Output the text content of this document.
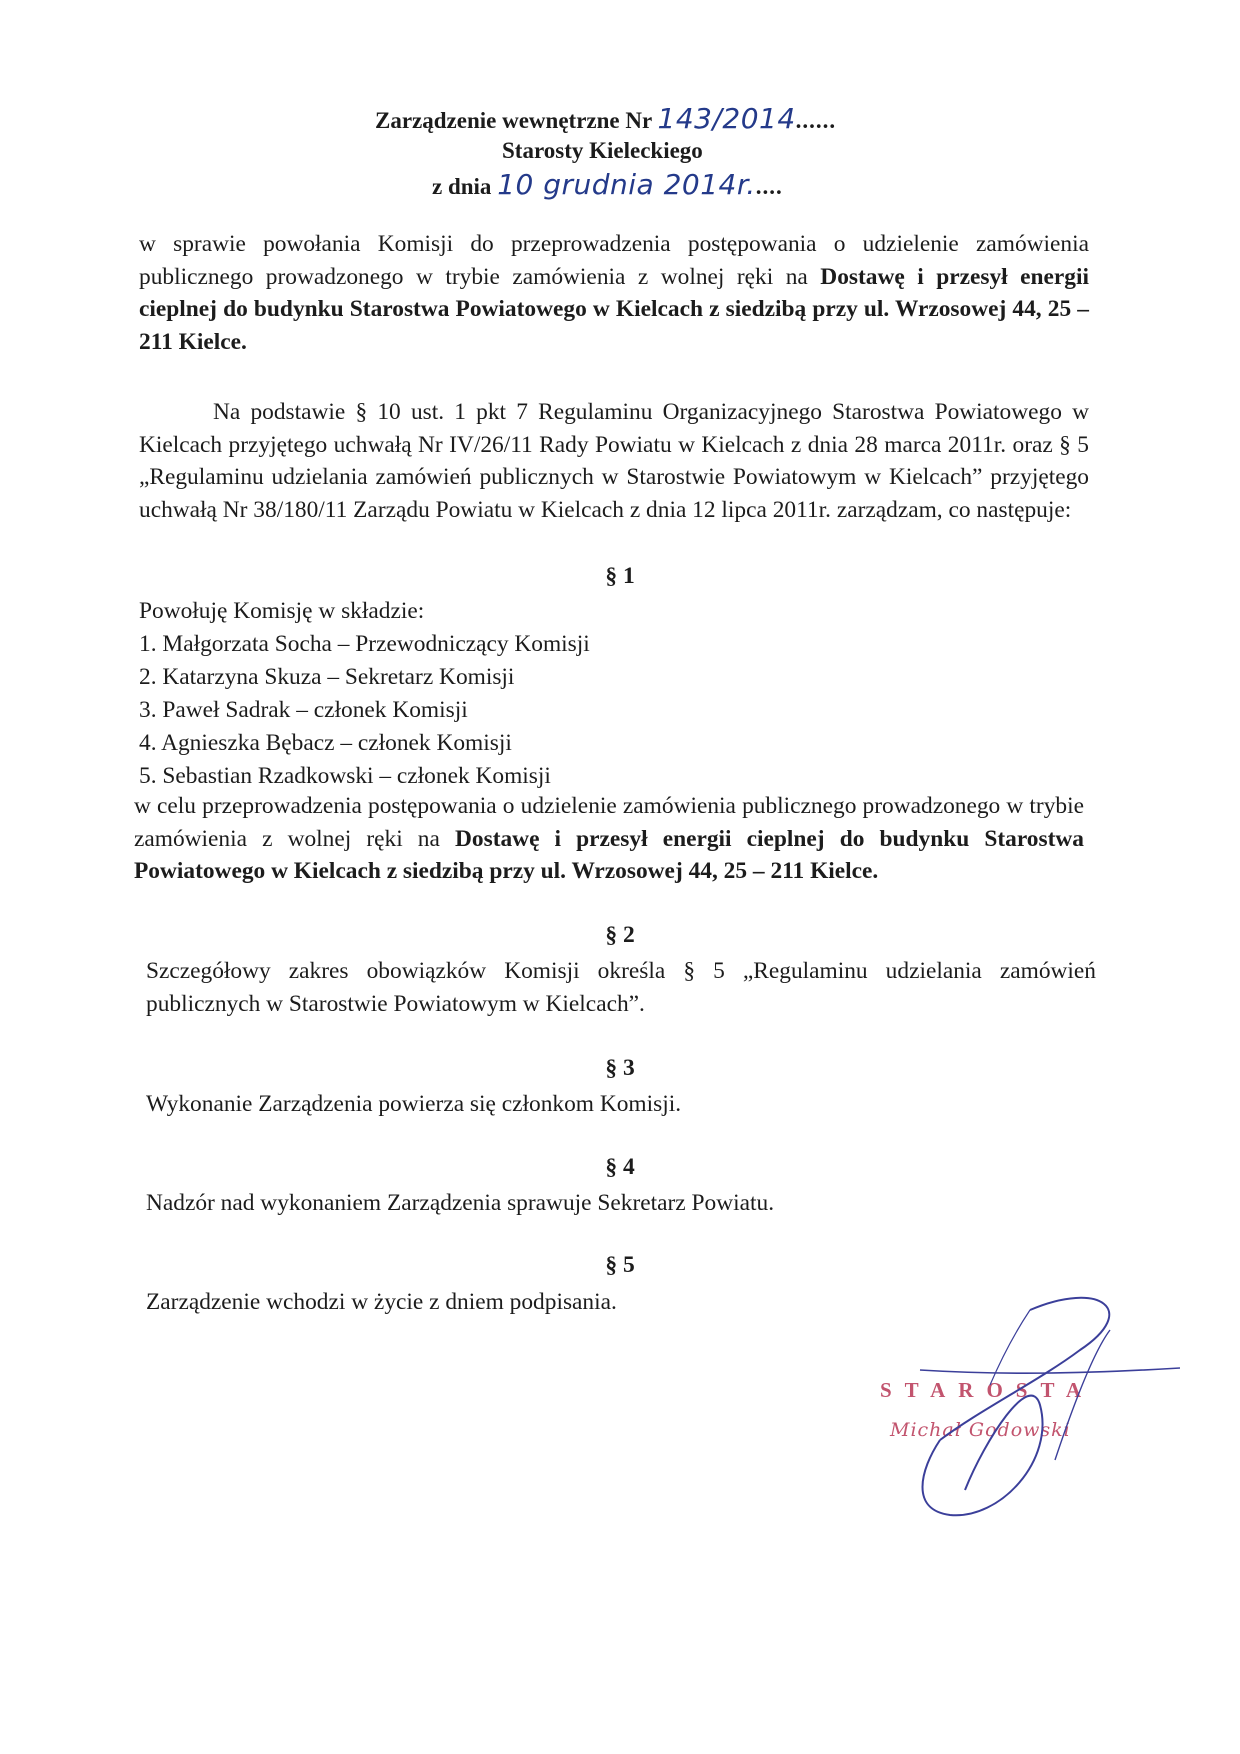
Zarządzenie wewnętrzne Nr 143/2014......
Starosty Kieleckiego
z dnia 10 grudnia 2014r.....
w sprawie powołania Komisji do przeprowadzenia postępowania o udzielenie zamówienia publicznego prowadzonego w trybie zamówienia z wolnej ręki na Dostawę i przesył energii cieplnej do budynku Starostwa Powiatowego w Kielcach z siedzibą przy ul. Wrzosowej 44, 25 – 211 Kielce.
Na podstawie § 10 ust. 1 pkt 7 Regulaminu Organizacyjnego Starostwa Powiatowego w Kielcach przyjętego uchwałą Nr IV/26/11 Rady Powiatu w Kielcach z dnia 28 marca 2011r. oraz § 5 „Regulaminu udzielania zamówień publicznych w Starostwie Powiatowym w Kielcach” przyjętego uchwałą Nr 38/180/11 Zarządu Powiatu w Kielcach z dnia 12 lipca 2011r. zarządzam, co następuje:
§ 1
Powołuję Komisję w składzie:
1. Małgorzata Socha – Przewodniczący Komisji
2. Katarzyna Skuza – Sekretarz Komisji
3. Paweł Sadrak – członek Komisji
4. Agnieszka Bębacz – członek Komisji
5. Sebastian Rzadkowski – członek Komisji
w celu przeprowadzenia postępowania o udzielenie zamówienia publicznego prowadzonego w trybie zamówienia z wolnej ręki na Dostawę i przesył energii cieplnej do budynku Starostwa Powiatowego w Kielcach z siedzibą przy ul. Wrzosowej 44, 25 – 211 Kielce.
§ 2
Szczegółowy zakres obowiązków Komisji określa § 5 „Regulaminu udzielania zamówień publicznych w Starostwie Powiatowym w Kielcach”.
§ 3
Wykonanie Zarządzenia powierza się członkom Komisji.
§ 4
Nadzór nad wykonaniem Zarządzenia sprawuje Sekretarz Powiatu.
§ 5
Zarządzenie wchodzi w życie z dniem podpisania.
STAROSTA
Michał Godowski
